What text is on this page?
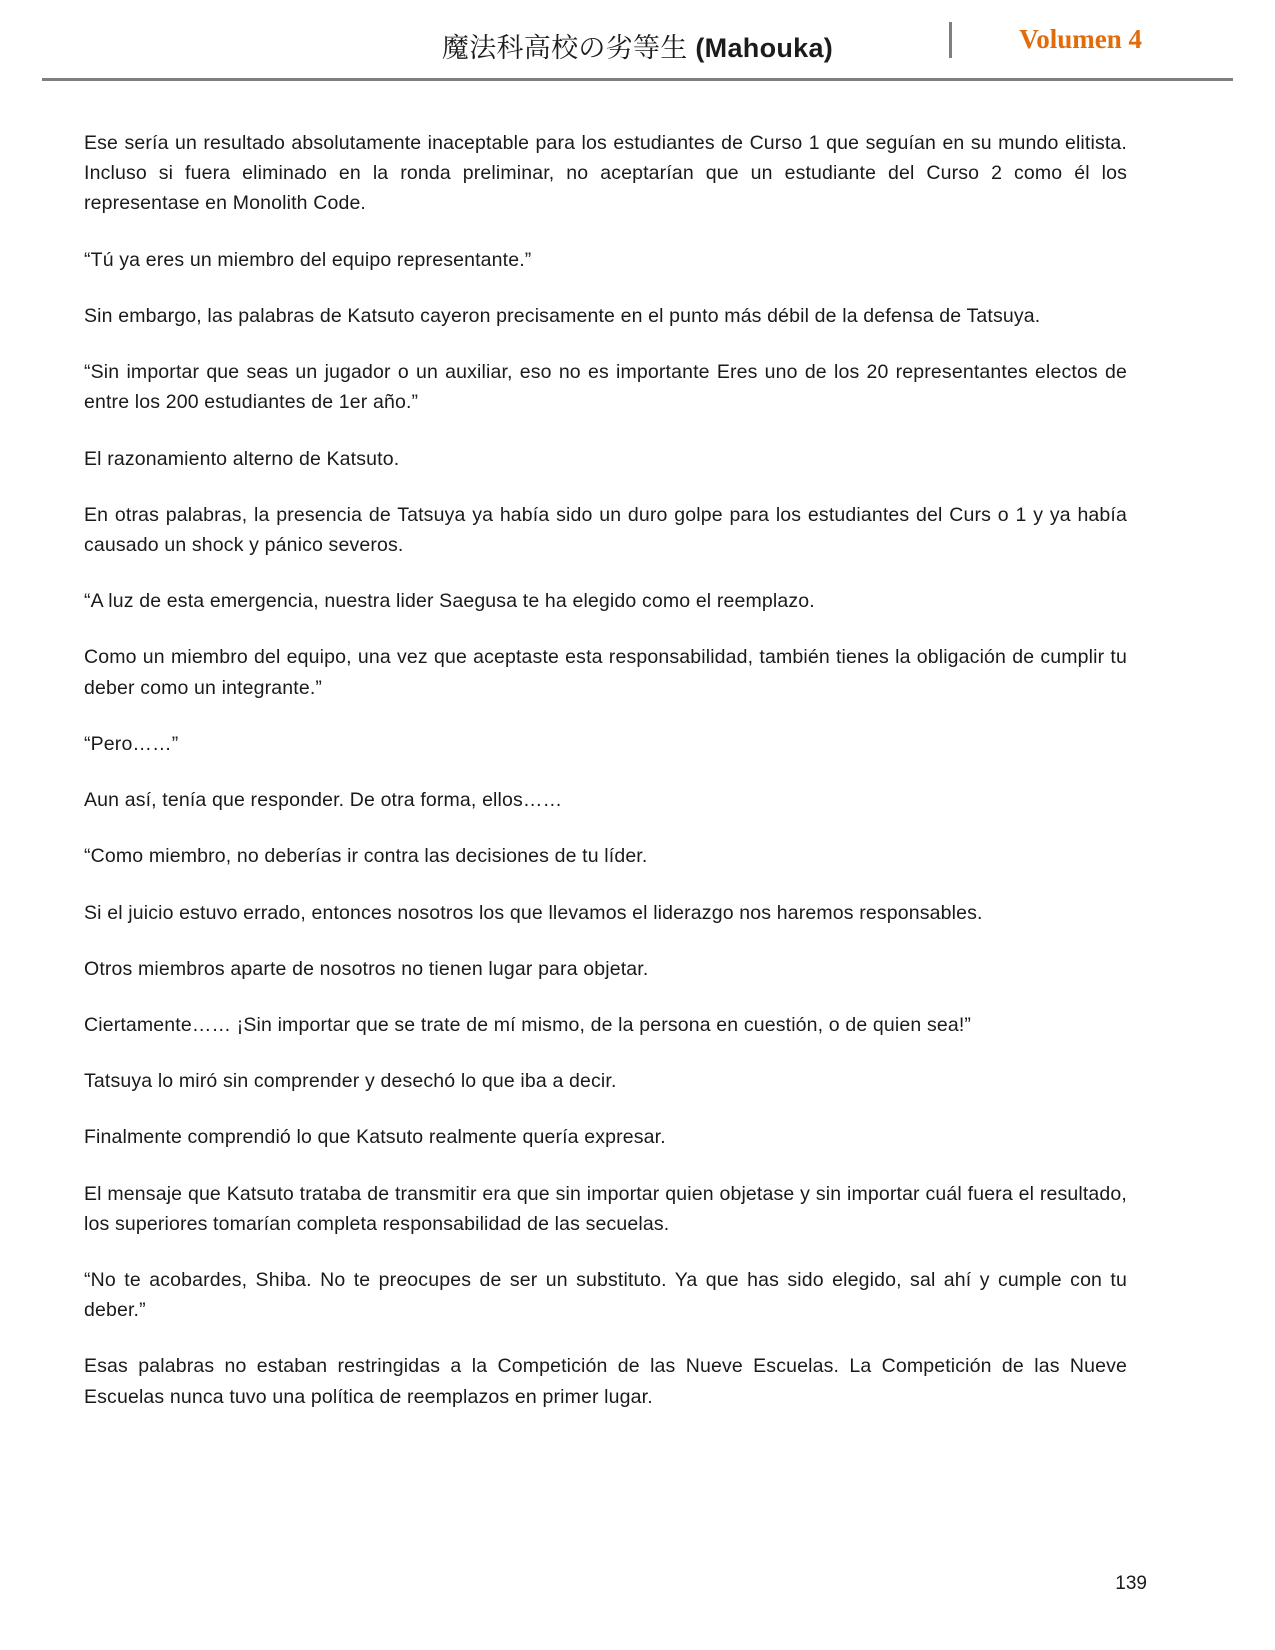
魔法科高校の劣等生 (Mahouka)	Volumen 4

Ese sería un resultado absolutamente inaceptable para los estudiantes de Curso 1 que seguían en su mundo elitista. Incluso si fuera eliminado en la ronda preliminar, no aceptarían que un estudiante del Curso 2 como él los representase en Monolith Code.

“Tú ya eres un miembro del equipo representante.”

Sin embargo, las palabras de Katsuto cayeron precisamente en el punto más débil de la defensa de Tatsuya.

“Sin importar que seas un jugador o un auxiliar, eso no es importante Eres uno de los 20 representantes electos de entre los 200 estudiantes de 1er año.”

El razonamiento alterno de Katsuto.

En otras palabras, la presencia de Tatsuya ya había sido un duro golpe para los estudiantes del Curs o 1 y ya había causado un shock y pánico severos.

“A luz de esta emergencia, nuestra lider Saegusa te ha elegido como el reemplazo.

Como un miembro del equipo, una vez que aceptaste esta responsabilidad, también tienes la obligación de cumplir tu deber como un integrante.”

“Pero……”

Aun así, tenía que responder. De otra forma, ellos……

“Como miembro, no deberías ir contra las decisiones de tu líder.

Si el juicio estuvo errado, entonces nosotros los que llevamos el liderazgo nos haremos responsables.

Otros miembros aparte de nosotros no tienen lugar para objetar.

Ciertamente…… ¡Sin importar que se trate de mí mismo, de la persona en cuestión, o de quien sea!”

Tatsuya lo miró sin comprender y desechó lo que iba a decir.

Finalmente comprendió lo que Katsuto realmente quería expresar.

El mensaje que Katsuto trataba de transmitir era que sin importar quien objetase y sin importar cuál fuera el resultado, los superiores tomarían completa responsabilidad de las secuelas.

“No te acobardes, Shiba. No te preocupes de ser un substituto. Ya que has sido elegido, sal ahí y cumple con tu deber.”

Esas palabras no estaban restringidas a la Competición de las Nueve Escuelas. La Competición de las Nueve Escuelas nunca tuvo una política de reemplazos en primer lugar.

139
